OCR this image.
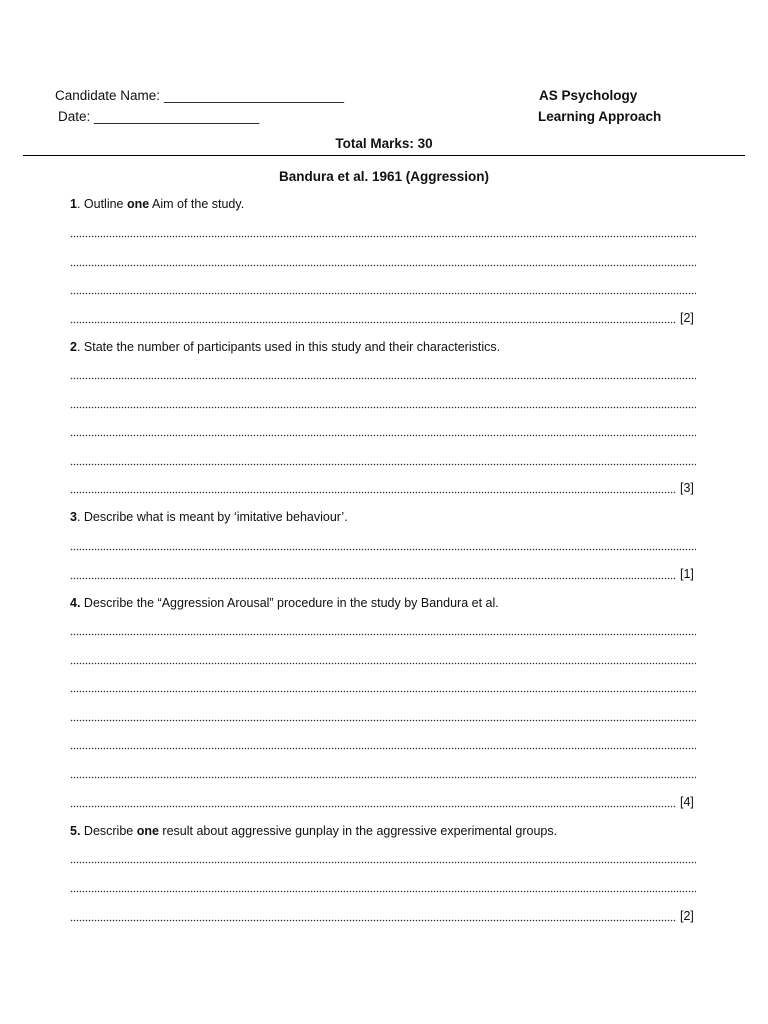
Candidate Name: ________________________
Date: ______________________
AS Psychology
Learning Approach
Total Marks: 30
Bandura et al. 1961 (Aggression)
1. Outline one Aim of the study.
[2]
2. State the number of participants used in this study and their characteristics.
[3]
3. Describe what is meant by ‘imitative behaviour’.
[1]
4. Describe the “Aggression Arousal” procedure in the study by Bandura et al.
[4]
5. Describe one result about aggressive gunplay in the aggressive experimental groups.
[2]
